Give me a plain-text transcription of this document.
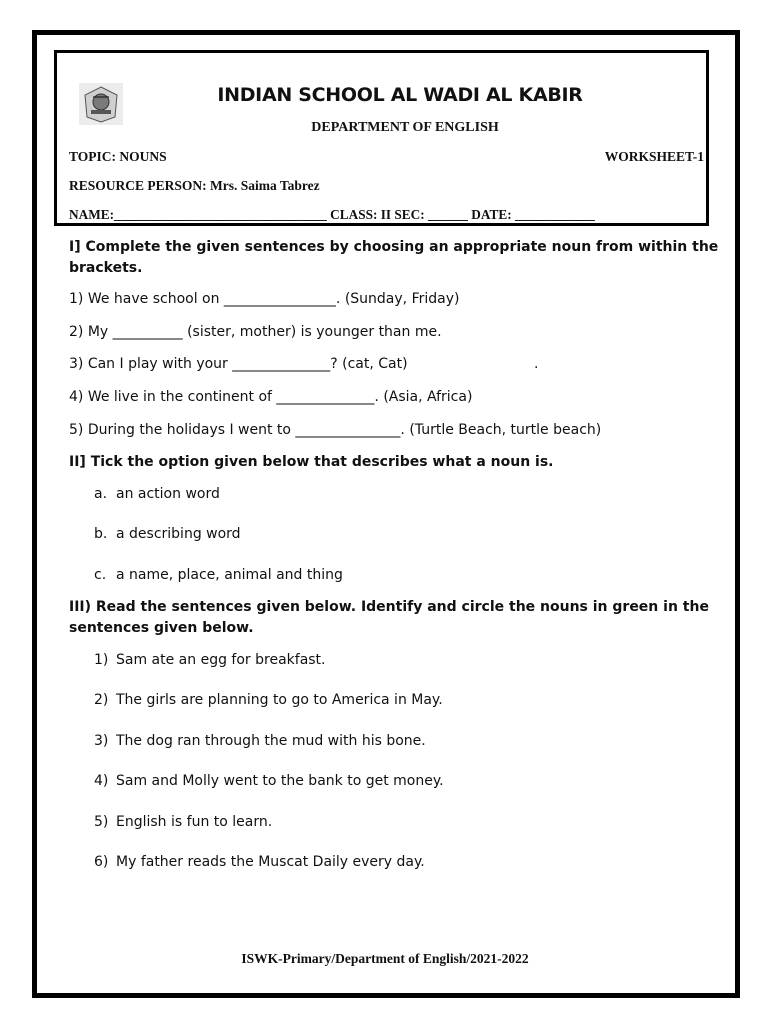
INDIAN SCHOOL AL WADI AL KABIR
DEPARTMENT OF ENGLISH
TOPIC: NOUNS	WORKSHEET-1
RESOURCE PERSON: Mrs. Saima Tabrez
NAME:________________________________ CLASS: II SEC: ______ DATE: ____________
I] Complete the given sentences by choosing an appropriate noun from within the
brackets.
1) We have school on ________________. (Sunday, Friday)
2) My __________ (sister, mother) is younger than me.
3) Can I play with your ______________? (cat, Cat)	.
4) We live in the continent of ______________. (Asia, Africa)
5) During the holidays I went to _______________. (Turtle Beach, turtle beach)
II] Tick the option given below that describes what a noun is.
a. an action word
b. a describing word
c. a name, place, animal and thing
III) Read the sentences given below. Identify and circle the nouns in green in the
sentences given below.
1) Sam ate an egg for breakfast.
2) The girls are planning to go to America in May.
3) The dog ran through the mud with his bone.
4) Sam and Molly went to the bank to get money.
5) English is fun to learn.
6) My father reads the Muscat Daily every day.
ISWK-Primary/Department of English/2021-2022
